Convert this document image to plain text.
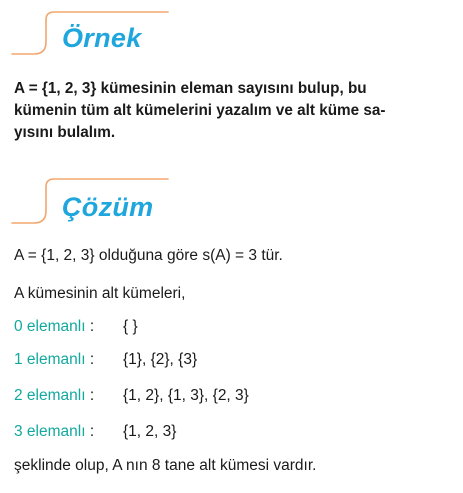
Örnek
A = {1, 2, 3} kümesinin eleman sayısını bulup, bu
kümenin tüm alt kümelerini yazalım ve alt küme sa-
yısını bulalım.
Çözüm
A = {1, 2, 3} olduğuna göre s(A) = 3 tür.
A kümesinin alt kümeleri,
0 elemanlı : { }
1 elemanlı : {1}, {2}, {3}
2 elemanlı : {1, 2}, {1, 3}, {2, 3}
3 elemanlı : {1, 2, 3}
şeklinde olup, A nın 8 tane alt kümesi vardır.
